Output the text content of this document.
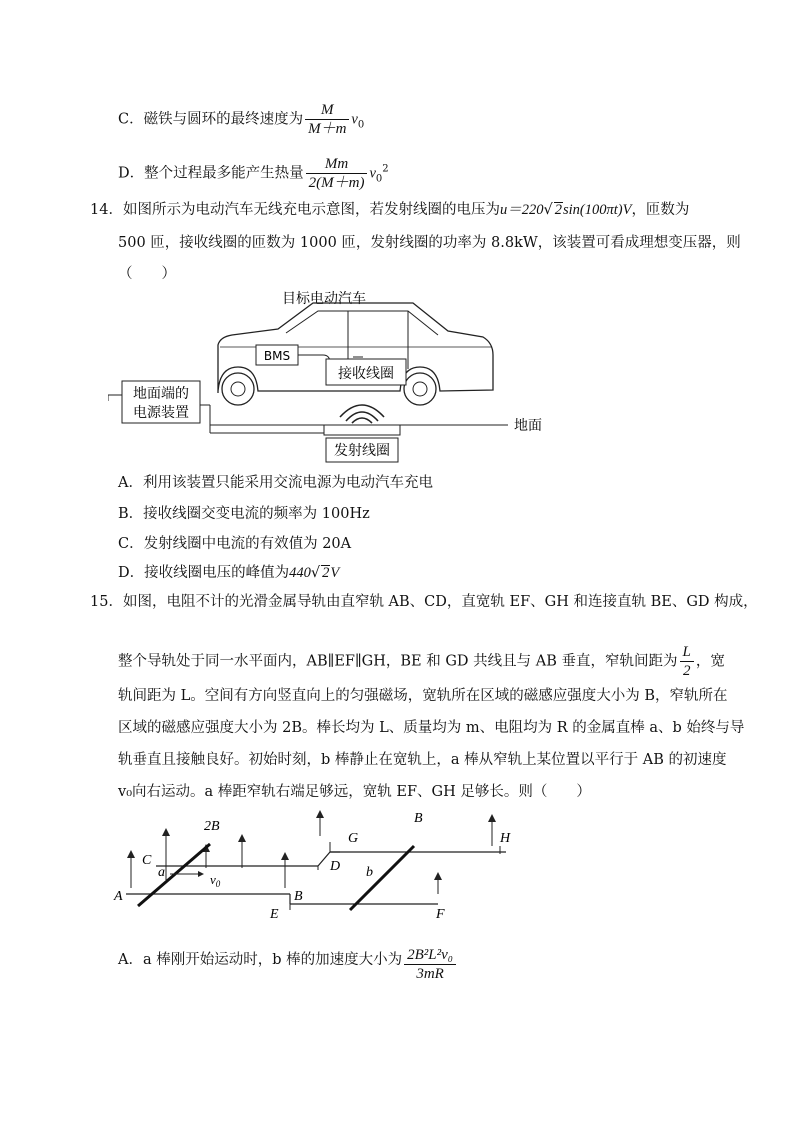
C．磁铁与圆环的最终速度为 $\frac{M}{M+m} v_0$
D．整个过程最多能产生热量 $\frac{Mm}{2(M+m)} v_0^2$
14．如图所示为电动汽车无线充电示意图，若发射线圈的电压为u＝220√ 2sin(100πt)V，匝数为
500 匝，接收线圈的匝数为 1000 匝，发射线圈的功率为 8.8kW，该装置可看成理想变压器，则
（　　）
目标电动汽车
BMS
接收线圈
地面端的
电源装置
地面
发射线圈
A．利用该装置只能采用交流电源为电动汽车充电
B．接收线圈交变电流的频率为 100Hz
C．发射线圈中电流的有效值为 20A
D．接收线圈电压的峰值为440√ 2V
15．如图，电阻不计的光滑金属导轨由直窄轨 AB、CD，直宽轨 EF、GH 和连接直轨 BE、GD 构成，
整个导轨处于同一水平面内，AB∥EF∥GH，BE 和 GD 共线且与 AB 垂直，窄轨间距为 $\frac{L}{2}$ ，宽
轨间距为 L。空间有方向竖直向上的匀强磁场，宽轨所在区域的磁感应强度大小为 B，窄轨所在
区域的磁感应强度大小为 2B。棒长均为 L、质量均为 m、电阻均为 R 的金属直棒 a、b 始终与导
轨垂直且接触良好。初始时刻，b 棒静止在宽轨上，a 棒从窄轨上某位置以平行于 AB 的初速度
v₀向右运动。a 棒距窄轨右端足够远，宽轨 EF、GH 足够长。则（　　）
2B
B
C
a	$v_0$
A	B
E
G
D b
H
F
A．a 棒刚开始运动时，b 棒的加速度大小为 $\frac{\text{2B²L²v₀}}{3mR}$
